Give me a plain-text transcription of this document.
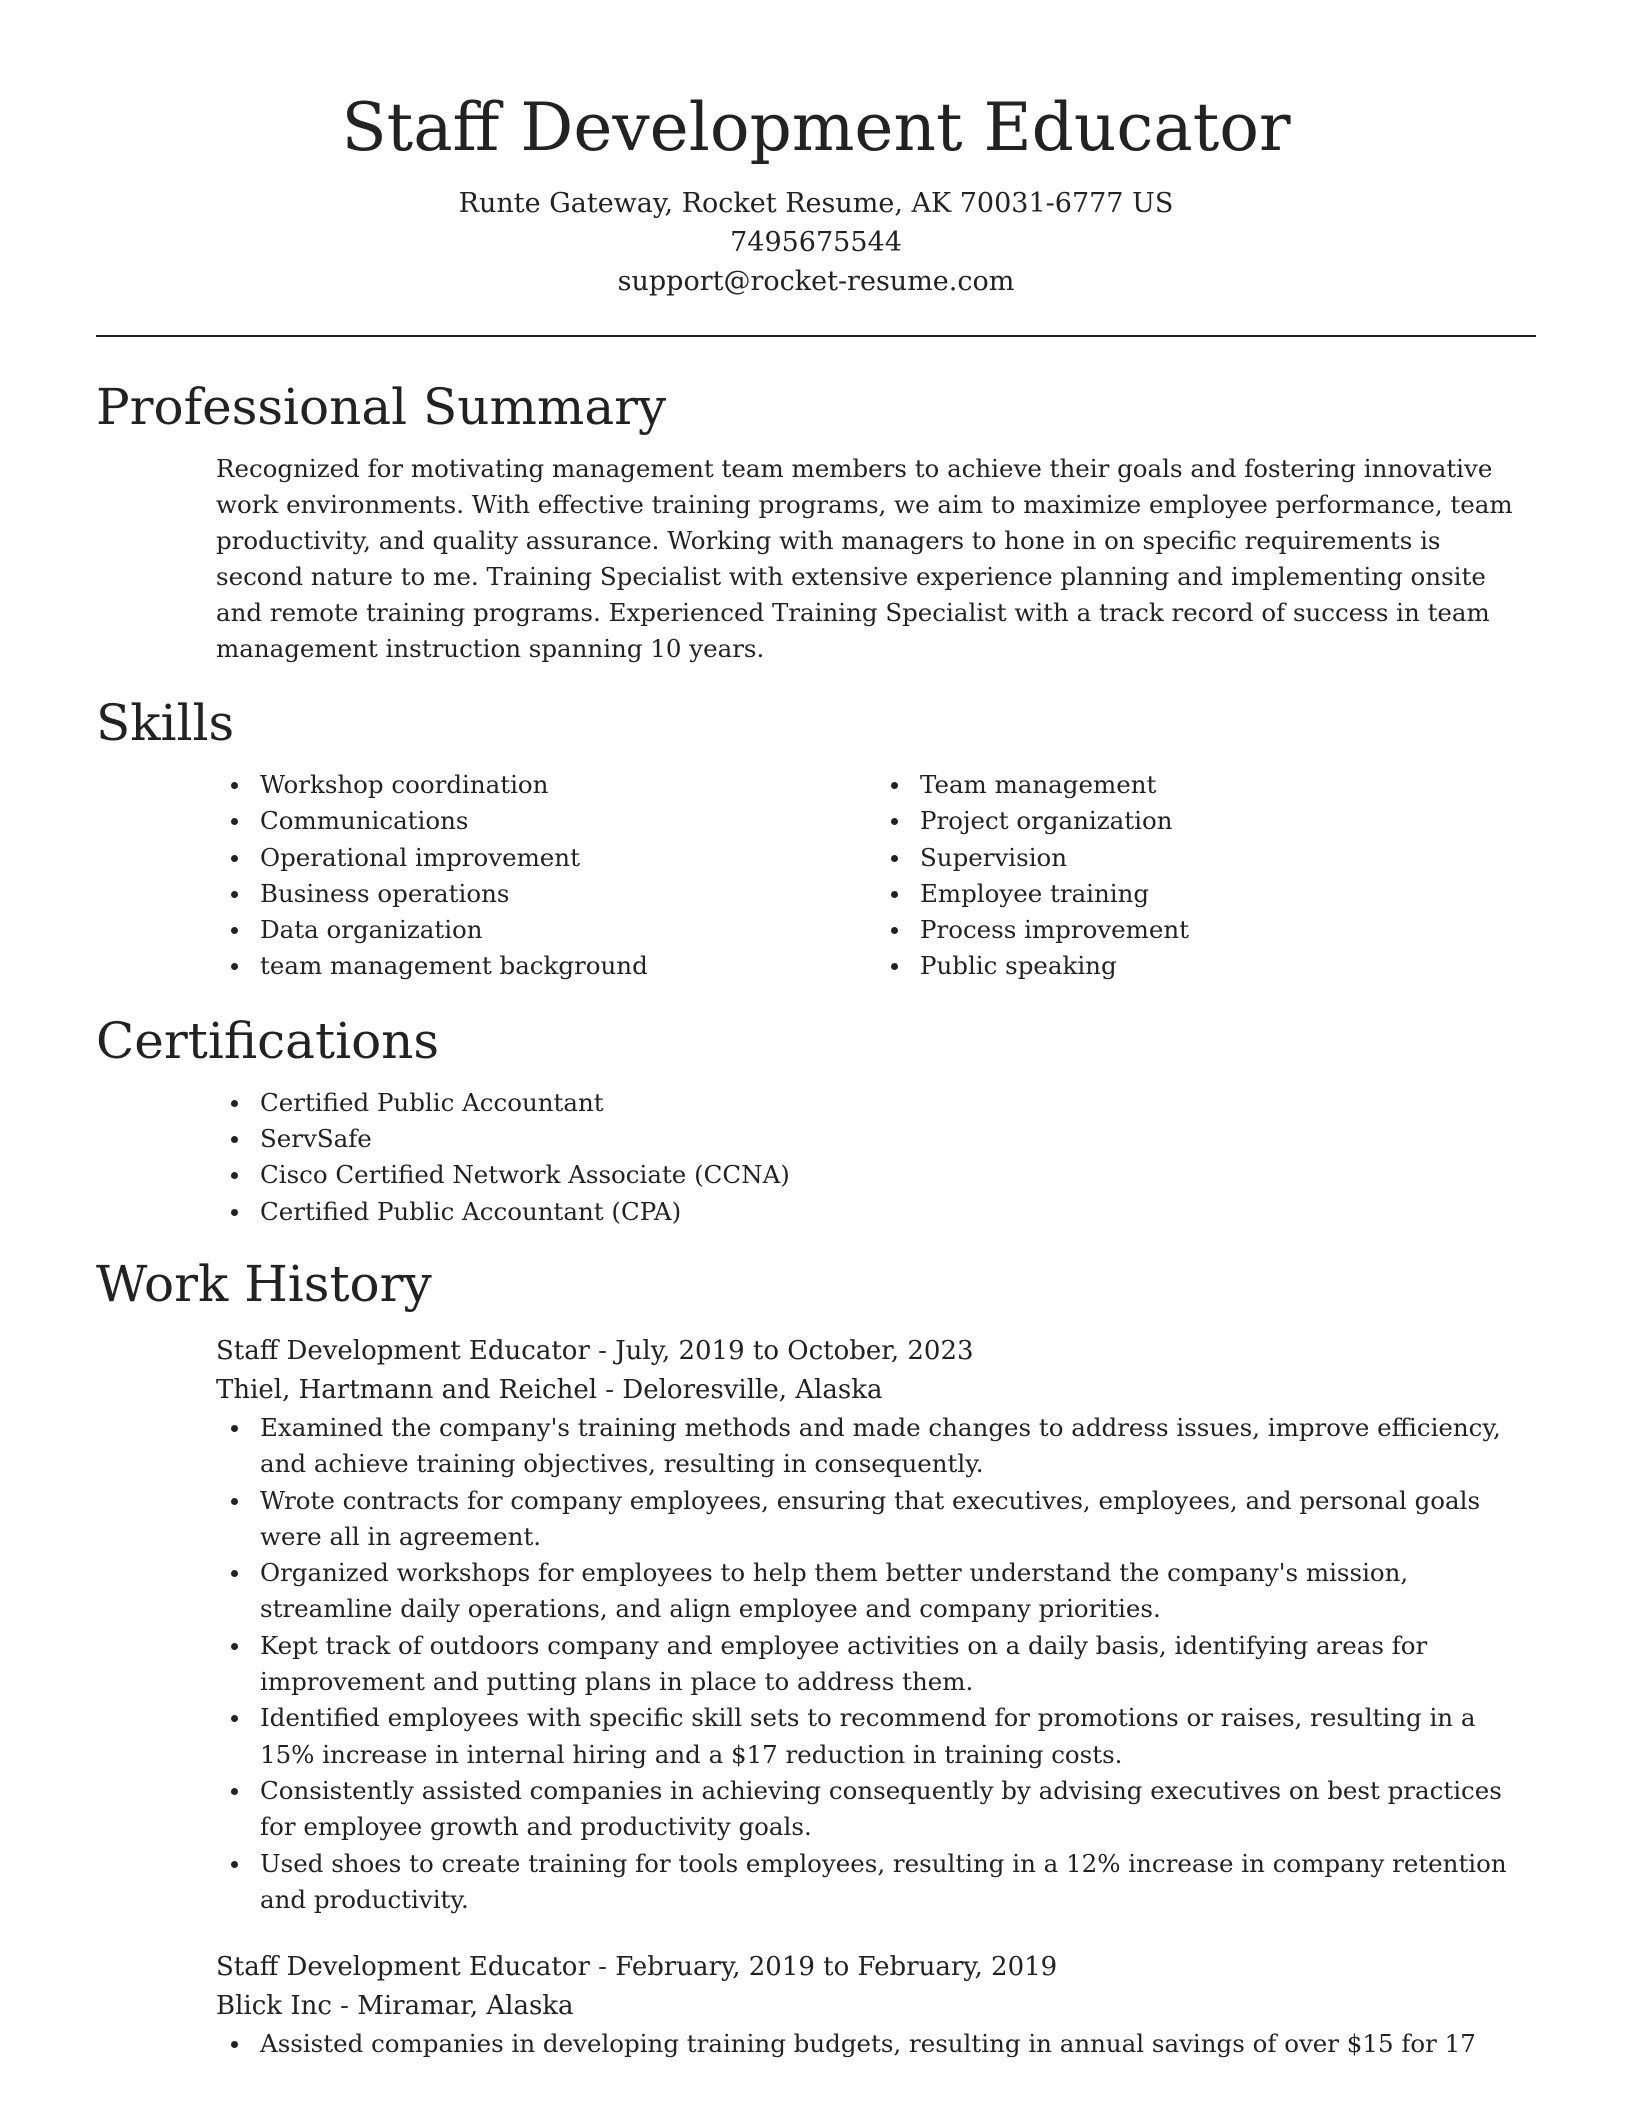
Staff Development Educator
Runte Gateway, Rocket Resume, AK 70031-6777 US
7495675544
support@rocket-resume.com
Professional Summary

Recognized for motivating management team members to achieve their goals and fostering innovative work environments. With effective training programs, we aim to maximize employee performance, team productivity, and quality assurance. Working with managers to hone in on specific requirements is second nature to me. Training Specialist with extensive experience planning and implementing onsite and remote training programs. Experienced Training Specialist with a track record of success in team management instruction spanning 10 years.

Skills
Workshop coordination
Communications
Operational improvement
Business operations
Data organization
team management background
Team management
Project organization
Supervision
Employee training
Process improvement
Public speaking
Certifications
Certified Public Accountant
ServSafe
Cisco Certified Network Associate (CCNA)
Certified Public Accountant (CPA)
Work History
Staff Development Educator - July, 2019 to October, 2023
Thiel, Hartmann and Reichel - Deloresville, Alaska
Examined the company's training methods and made changes to address issues, improve efficiency, and achieve training objectives, resulting in consequently.
Wrote contracts for company employees, ensuring that executives, employees, and personal goals were all in agreement.
Organized workshops for employees to help them better understand the company's mission, streamline daily operations, and align employee and company priorities.
Kept track of outdoors company and employee activities on a daily basis, identifying areas for improvement and putting plans in place to address them.
Identified employees with specific skill sets to recommend for promotions or raises, resulting in a 15% increase in internal hiring and a $17 reduction in training costs.
Consistently assisted companies in achieving consequently by advising executives on best practices for employee growth and productivity goals.
Used shoes to create training for tools employees, resulting in a 12% increase in company retention and productivity.
Staff Development Educator - February, 2019 to February, 2019
Blick Inc - Miramar, Alaska
Assisted companies in developing training budgets, resulting in annual savings of over $15 for 17
